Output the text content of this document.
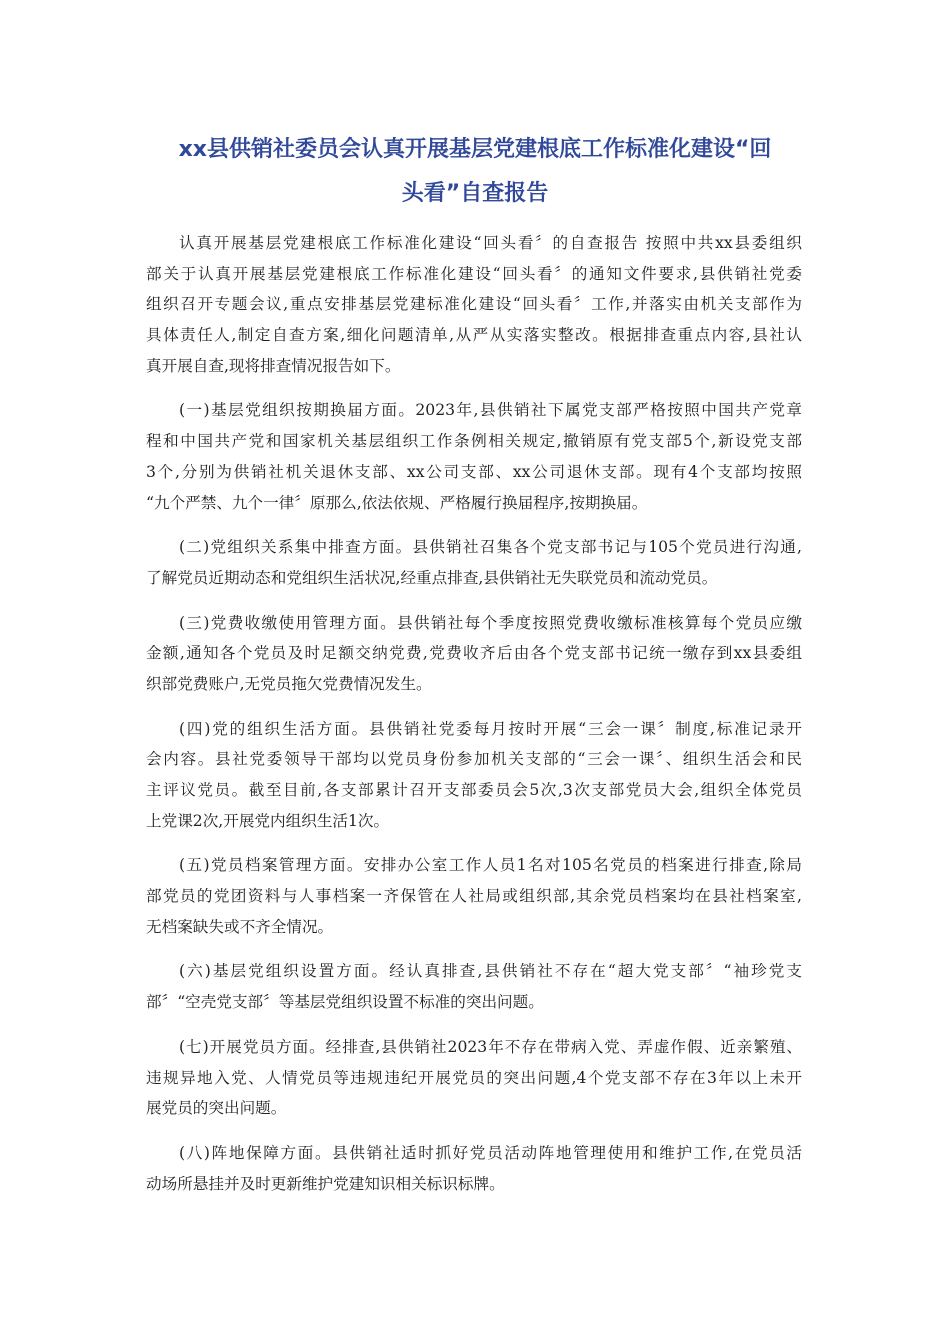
xx县供销社委员会认真开展基层党建根底工作标准化建设“回
头看”自查报告
认真开展基层党建根底工作标准化建设“回头看〞的自查报告 按照中共xx县委组织
部关于认真开展基层党建根底工作标准化建设“回头看〞的通知文件要求,县供销社党委
组织召开专题会议,重点安排基层党建标准化建设“回头看〞工作,并落实由机关支部作为
具体责任人,制定自查方案,细化问题清单,从严从实落实整改。根据排查重点内容,县社认
真开展自查,现将排查情况报告如下。
(一)基层党组织按期换届方面。2023年,县供销社下属党支部严格按照中国共产党章
程和中国共产党和国家机关基层组织工作条例相关规定,撤销原有党支部5个,新设党支部
3个,分别为供销社机关退休支部、xx公司支部、xx公司退休支部。现有4个支部均按照
“九个严禁、九个一律〞原那么,依法依规、严格履行换届程序,按期换届。
(二)党组织关系集中排查方面。县供销社召集各个党支部书记与105个党员进行沟通,
了解党员近期动态和党组织生活状况,经重点排查,县供销社无失联党员和流动党员。
(三)党费收缴使用管理方面。县供销社每个季度按照党费收缴标准核算每个党员应缴
金额,通知各个党员及时足额交纳党费,党费收齐后由各个党支部书记统一缴存到xx县委组
织部党费账户,无党员拖欠党费情况发生。
(四)党的组织生活方面。县供销社党委每月按时开展“三会一课〞制度,标准记录开
会内容。县社党委领导干部均以党员身份参加机关支部的“三会一课〞、组织生活会和民
主评议党员。截至目前,各支部累计召开支部委员会5次,3次支部党员大会,组织全体党员
上党课2次,开展党内组织生活1次。
(五)党员档案管理方面。安排办公室工作人员1名对105名党员的档案进行排查,除局
部党员的党团资料与人事档案一齐保管在人社局或组织部,其余党员档案均在县社档案室,
无档案缺失或不齐全情况。
(六)基层党组织设置方面。经认真排查,县供销社不存在“超大党支部〞“袖珍党支
部〞“空壳党支部〞等基层党组织设置不标准的突出问题。
(七)开展党员方面。经排查,县供销社2023年不存在带病入党、弄虚作假、近亲繁殖、
违规异地入党、人情党员等违规违纪开展党员的突出问题,4个党支部不存在3年以上未开
展党员的突出问题。
(八)阵地保障方面。县供销社适时抓好党员活动阵地管理使用和维护工作,在党员活
动场所悬挂并及时更新维护党建知识相关标识标牌。
